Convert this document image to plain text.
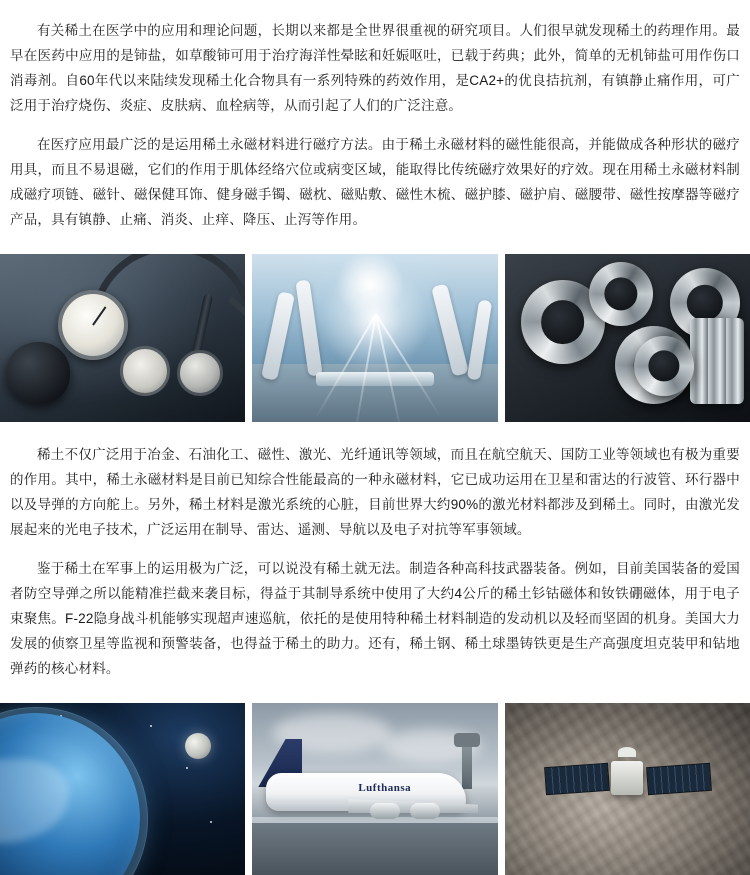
有关稀土在医学中的应用和理论问题，长期以来都是全世界很重视的研究项目。人们很早就发现稀土的药理作用。最早在医药中应用的是铈盐，如草酸铈可用于治疗海洋性晕眩和妊娠呕吐，已载于药典；此外，简单的无机铈盐可用作伤口消毒剂。自60年代以来陆续发现稀土化合物具有一系列特殊的药效作用，是CA2+的优良拮抗剂，有镇静止痛作用，可广泛用于治疗烧伤、炎症、皮肤病、血栓病等，从而引起了人们的广泛注意。

在医疗应用最广泛的是运用稀土永磁材料进行磁疗方法。由于稀土永磁材料的磁性能很高，并能做成各种形状的磁疗用具，而且不易退磁，它们的作用于肌体经络穴位或病变区域，能取得比传统磁疗效果好的疗效。现在用稀土永磁材料制成磁疗项链、磁针、磁保健耳饰、健身磁手镯、磁枕、磁贴敷、磁性木梳、磁护膝、磁护肩、磁腰带、磁性按摩器等磁疗产品，具有镇静、止痛、消炎、止痒、降压、止泻等作用。

稀土不仅广泛用于冶金、石油化工、磁性、激光、光纤通讯等领域，而且在航空航天、国防工业等领域也有极为重要的作用。其中，稀土永磁材料是目前已知综合性能最高的一种永磁材料，它已成功运用在卫星和雷达的行波管、环行器中以及导弹的方向舵上。另外，稀土材料是激光系统的心脏，目前世界大约90%的激光材料都涉及到稀土。同时，由激光发展起来的光电子技术，广泛运用在制导、雷达、遥测、导航以及电子对抗等军事领域。

鉴于稀土在军事上的运用极为广泛，可以说没有稀土就无法。制造各种高科技武器装备。例如，目前美国装备的爱国者防空导弹之所以能精准拦截来袭目标，得益于其制导系统中使用了大约4公斤的稀土钐钴磁体和钕铁硼磁体，用于电子束聚焦。F-22隐身战斗机能够实现超声速巡航，依托的是使用特种稀土材料制造的发动机以及轻而坚固的机身。美国大力发展的侦察卫星等监视和预警装备，也得益于稀土的助力。还有，稀土钢、稀土球墨铸铁更是生产高强度坦克装甲和钻地弹药的核心材料。

Lufthansa
